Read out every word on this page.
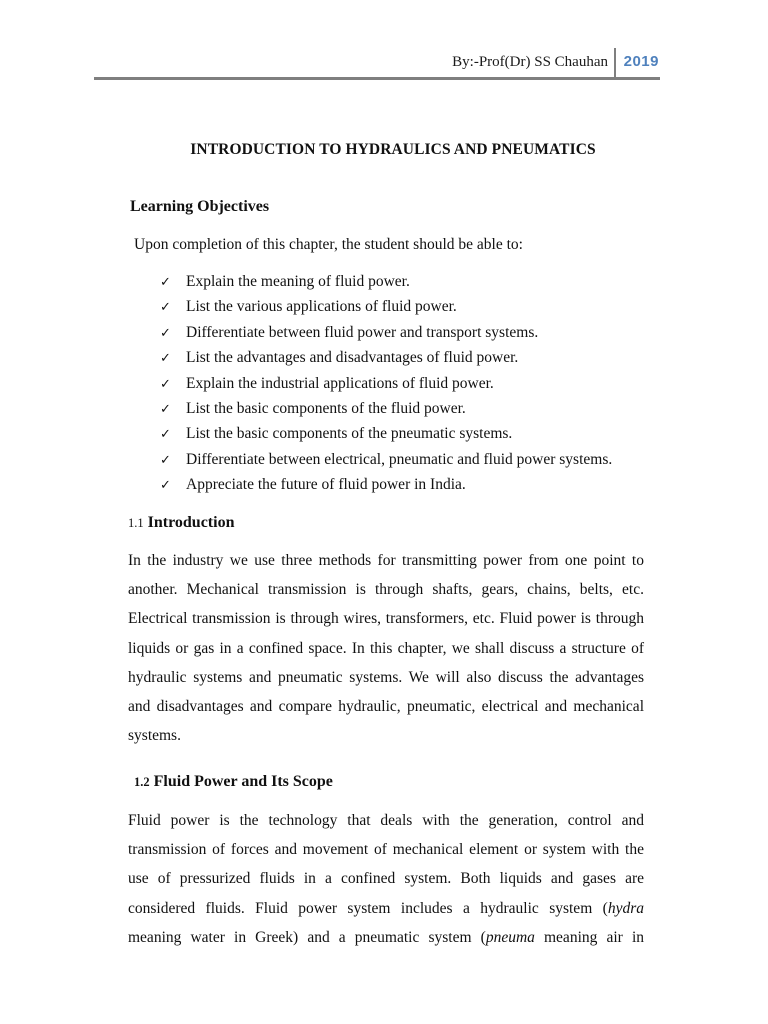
By:-Prof(Dr) SS Chauhan 2019
INTRODUCTION TO HYDRAULICS AND PNEUMATICS
Learning Objectives
Upon completion of this chapter, the student should be able to:
✓ Explain the meaning of fluid power.
✓ List the various applications of fluid power.
✓ Differentiate between fluid power and transport systems.
✓ List the advantages and disadvantages of fluid power.
✓ Explain the industrial applications of fluid power.
✓ List the basic components of the fluid power.
✓ List the basic components of the pneumatic systems.
✓ Differentiate between electrical, pneumatic and fluid power systems.
✓ Appreciate the future of fluid power in India.
1.1 Introduction
In the industry we use three methods for transmitting power from one point to
another. Mechanical transmission is through shafts, gears, chains, belts, etc.
Electrical transmission is through wires, transformers, etc. Fluid power is through
liquids or gas in a confined space. In this chapter, we shall discuss a structure of
hydraulic systems and pneumatic systems. We will also discuss the advantages
and disadvantages and compare hydraulic, pneumatic, electrical and mechanical
systems.
1.2 Fluid Power and Its Scope
Fluid power is the technology that deals with the generation, control and
transmission of forces and movement of mechanical element or system with the
use of pressurized fluids in a confined system. Both liquids and gases are
considered fluids. Fluid power system includes a hydraulic system (hydra
meaning water in Greek) and a pneumatic system (pneuma meaning air in
